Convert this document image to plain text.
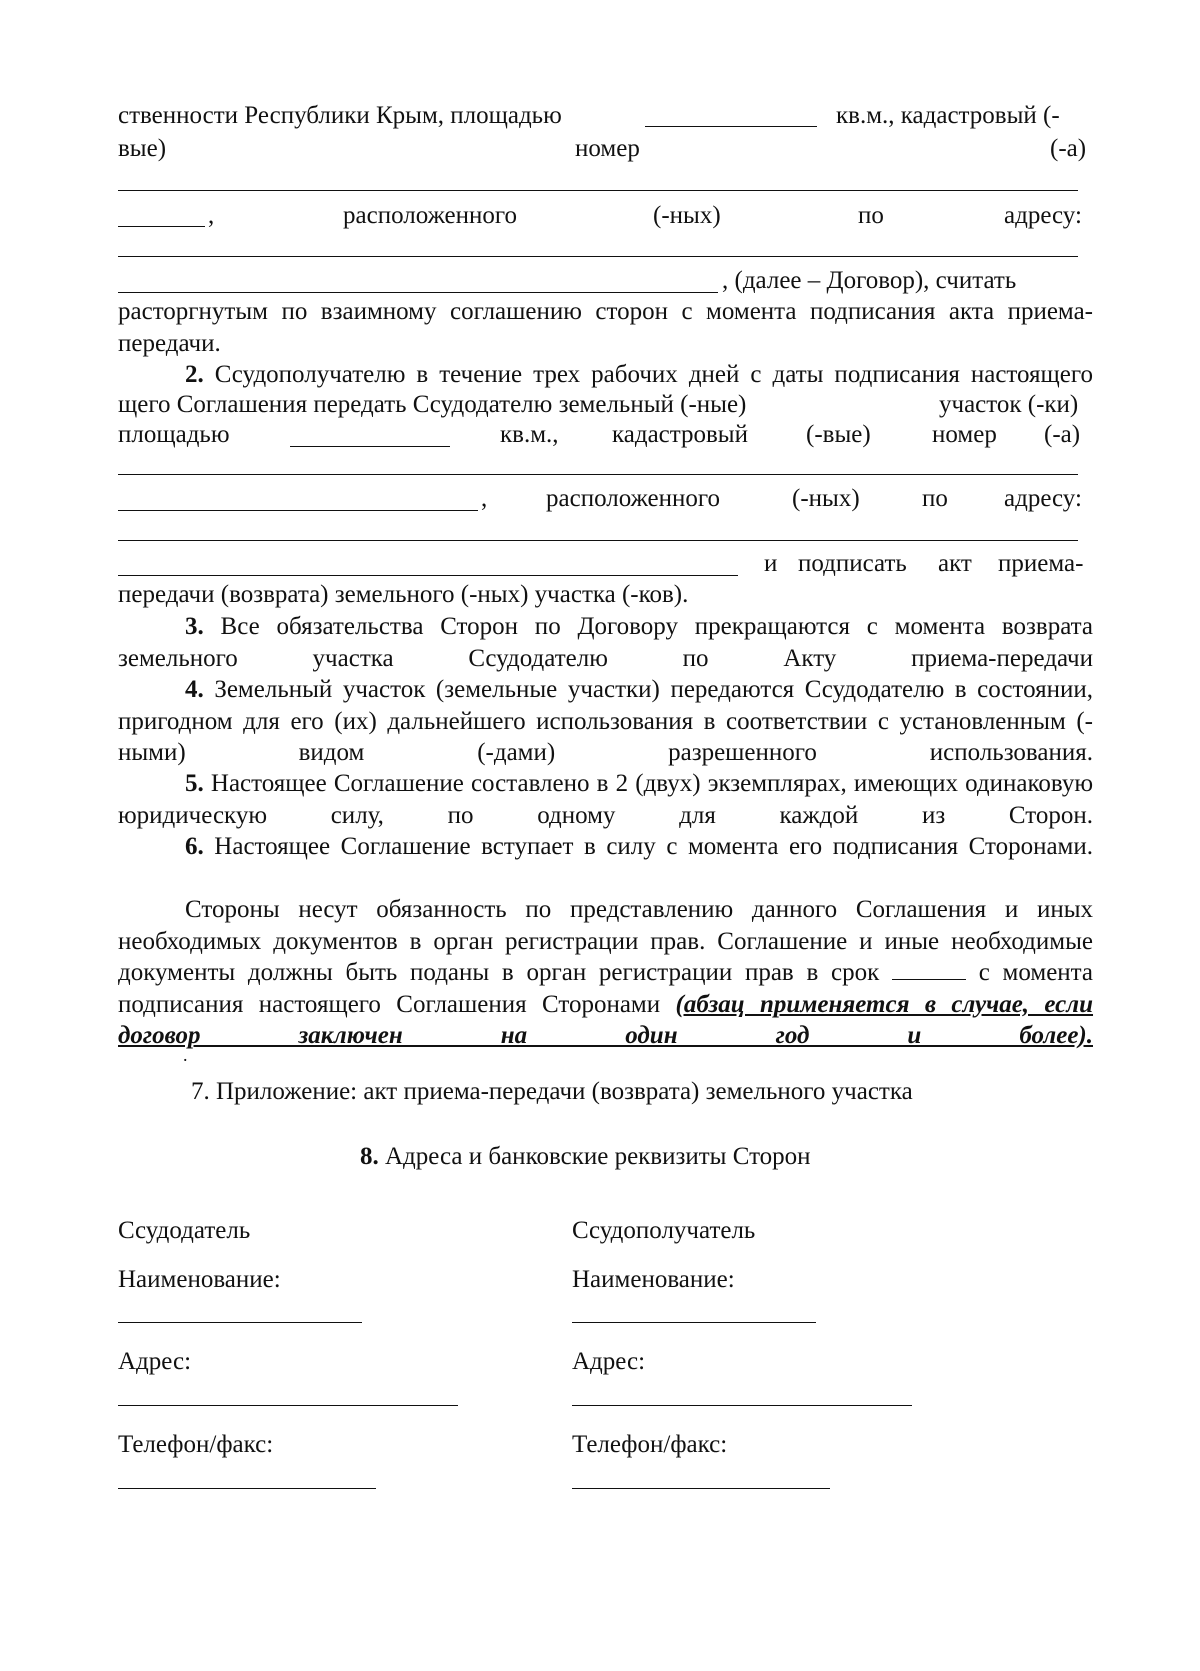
ственности Республики Крым, площадью	кв.м., кадастровый (-
вые)	номер	(-а)
,	расположенного	(-ных)	по	адресу:
, (далее – Договор), считать
расторгнутым по взаимному соглашению сторон с момента подписания акта приема-передачи.
2. Ссудополучателю в течение трех рабочих дней с даты подписания настоящего
щего Соглашения передать Ссудодателю земельный (-ные)	участок (-ки)
площадью	кв.м., кадастровый (-вые) номер (-а)
, расположенного	(-ных) по адресу:
и подписать акт приема-
передачи (возврата) земельного (-ных) участка (-ков).
3. Все обязательства Сторон по Договору прекращаются с момента возврата земельного участка Ссудодателю по Акту приема-передачи
4. Земельный участок (земельные участки) передаются Ссудодателю в состоянии, пригодном для его (их) дальнейшего использования в соответствии с установленным (-ными) видом (-дами) разрешенного использования.
5. Настоящее Соглашение составлено в 2 (двух) экземплярах, имеющих одинаковую юридическую силу, по одному для каждой из Сторон.
6. Настоящее Соглашение вступает в силу с момента его подписания Сторонами.
Стороны несут обязанность по представлению данного Соглашения и иных необходимых документов в орган регистрации прав. Соглашение и иные необходимые документы должны быть поданы в орган регистрации прав в срок	с момента подписания настоящего Соглашения Сторонами (абзац применяется в случае, если договор заключен на один год и более).
.
7. Приложение: акт приема-передачи (возврата) земельного участка
8. Адреса и банковские реквизиты Сторон
Ссудодатель
Наименование:
Адрес:
Телефон/факс:
Ссудополучатель
Наименование:
Адрес:
Телефон/факс:
